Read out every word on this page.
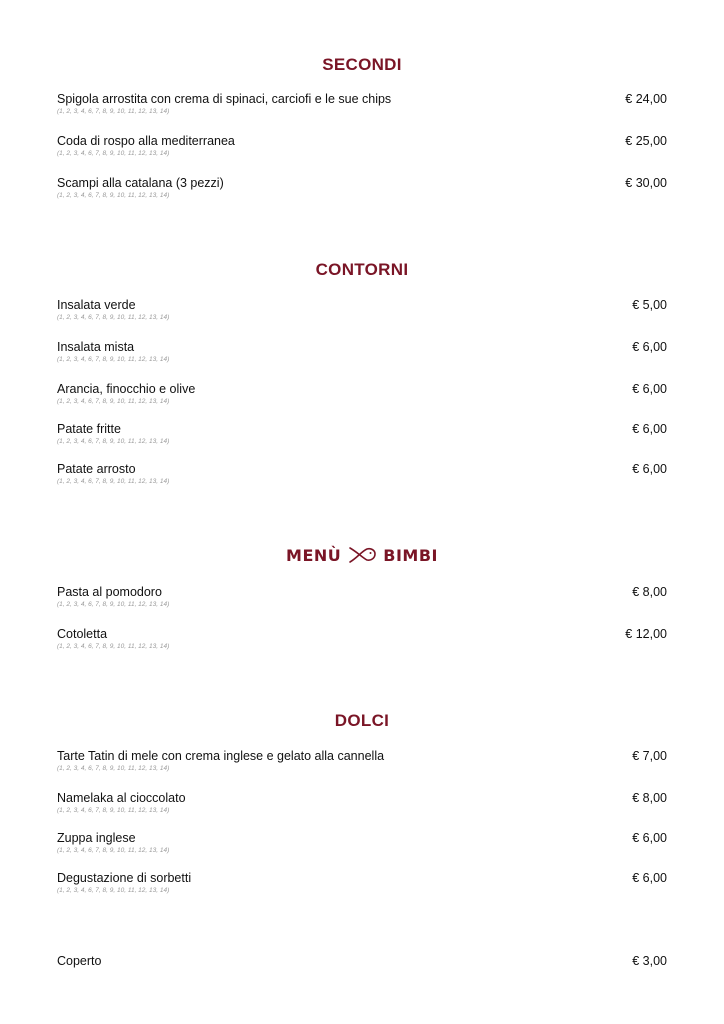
SECONDI
Spigola arrostita con crema di spinaci, carciofi e le sue chips
(1, 2, 3, 4, 6, 7, 8, 9, 10, 11, 12, 13, 14)
€ 24,00
Coda di rospo alla mediterranea
(1, 2, 3, 4, 6, 7, 8, 9, 10, 11, 12, 13, 14)
€ 25,00
Scampi alla catalana (3 pezzi)
(1, 2, 3, 4, 6, 7, 8, 9, 10, 11, 12, 13, 14)
€ 30,00
CONTORNI
Insalata verde
(1, 2, 3, 4, 6, 7, 8, 9, 10, 11, 12, 13, 14)
€ 5,00
Insalata mista
(1, 2, 3, 4, 6, 7, 8, 9, 10, 11, 12, 13, 14)
€ 6,00
Arancia, finocchio e olive
(1, 2, 3, 4, 6, 7, 8, 9, 10, 11, 12, 13, 14)
€ 6,00
Patate fritte
(1, 2, 3, 4, 6, 7, 8, 9, 10, 11, 12, 13, 14)
€ 6,00
Patate arrosto
(1, 2, 3, 4, 6, 7, 8, 9, 10, 11, 12, 13, 14)
€ 6,00
MENÙ	BIMBI
Pasta al pomodoro
(1, 2, 3, 4, 6, 7, 8, 9, 10, 11, 12, 13, 14)
€ 8,00
Cotoletta
(1, 2, 3, 4, 6, 7, 8, 9, 10, 11, 12, 13, 14)
€ 12,00
DOLCI
Tarte Tatin di mele con crema inglese e gelato alla cannella
(1, 2, 3, 4, 6, 7, 8, 9, 10, 11, 12, 13, 14)
€ 7,00
Namelaka al cioccolato
(1, 2, 3, 4, 6, 7, 8, 9, 10, 11, 12, 13, 14)
€ 8,00
Zuppa inglese
(1, 2, 3, 4, 6, 7, 8, 9, 10, 11, 12, 13, 14)
€ 6,00
Degustazione di sorbetti
(1, 2, 3, 4, 6, 7, 8, 9, 10, 11, 12, 13, 14)
€ 6,00
Coperto	€ 3,00
